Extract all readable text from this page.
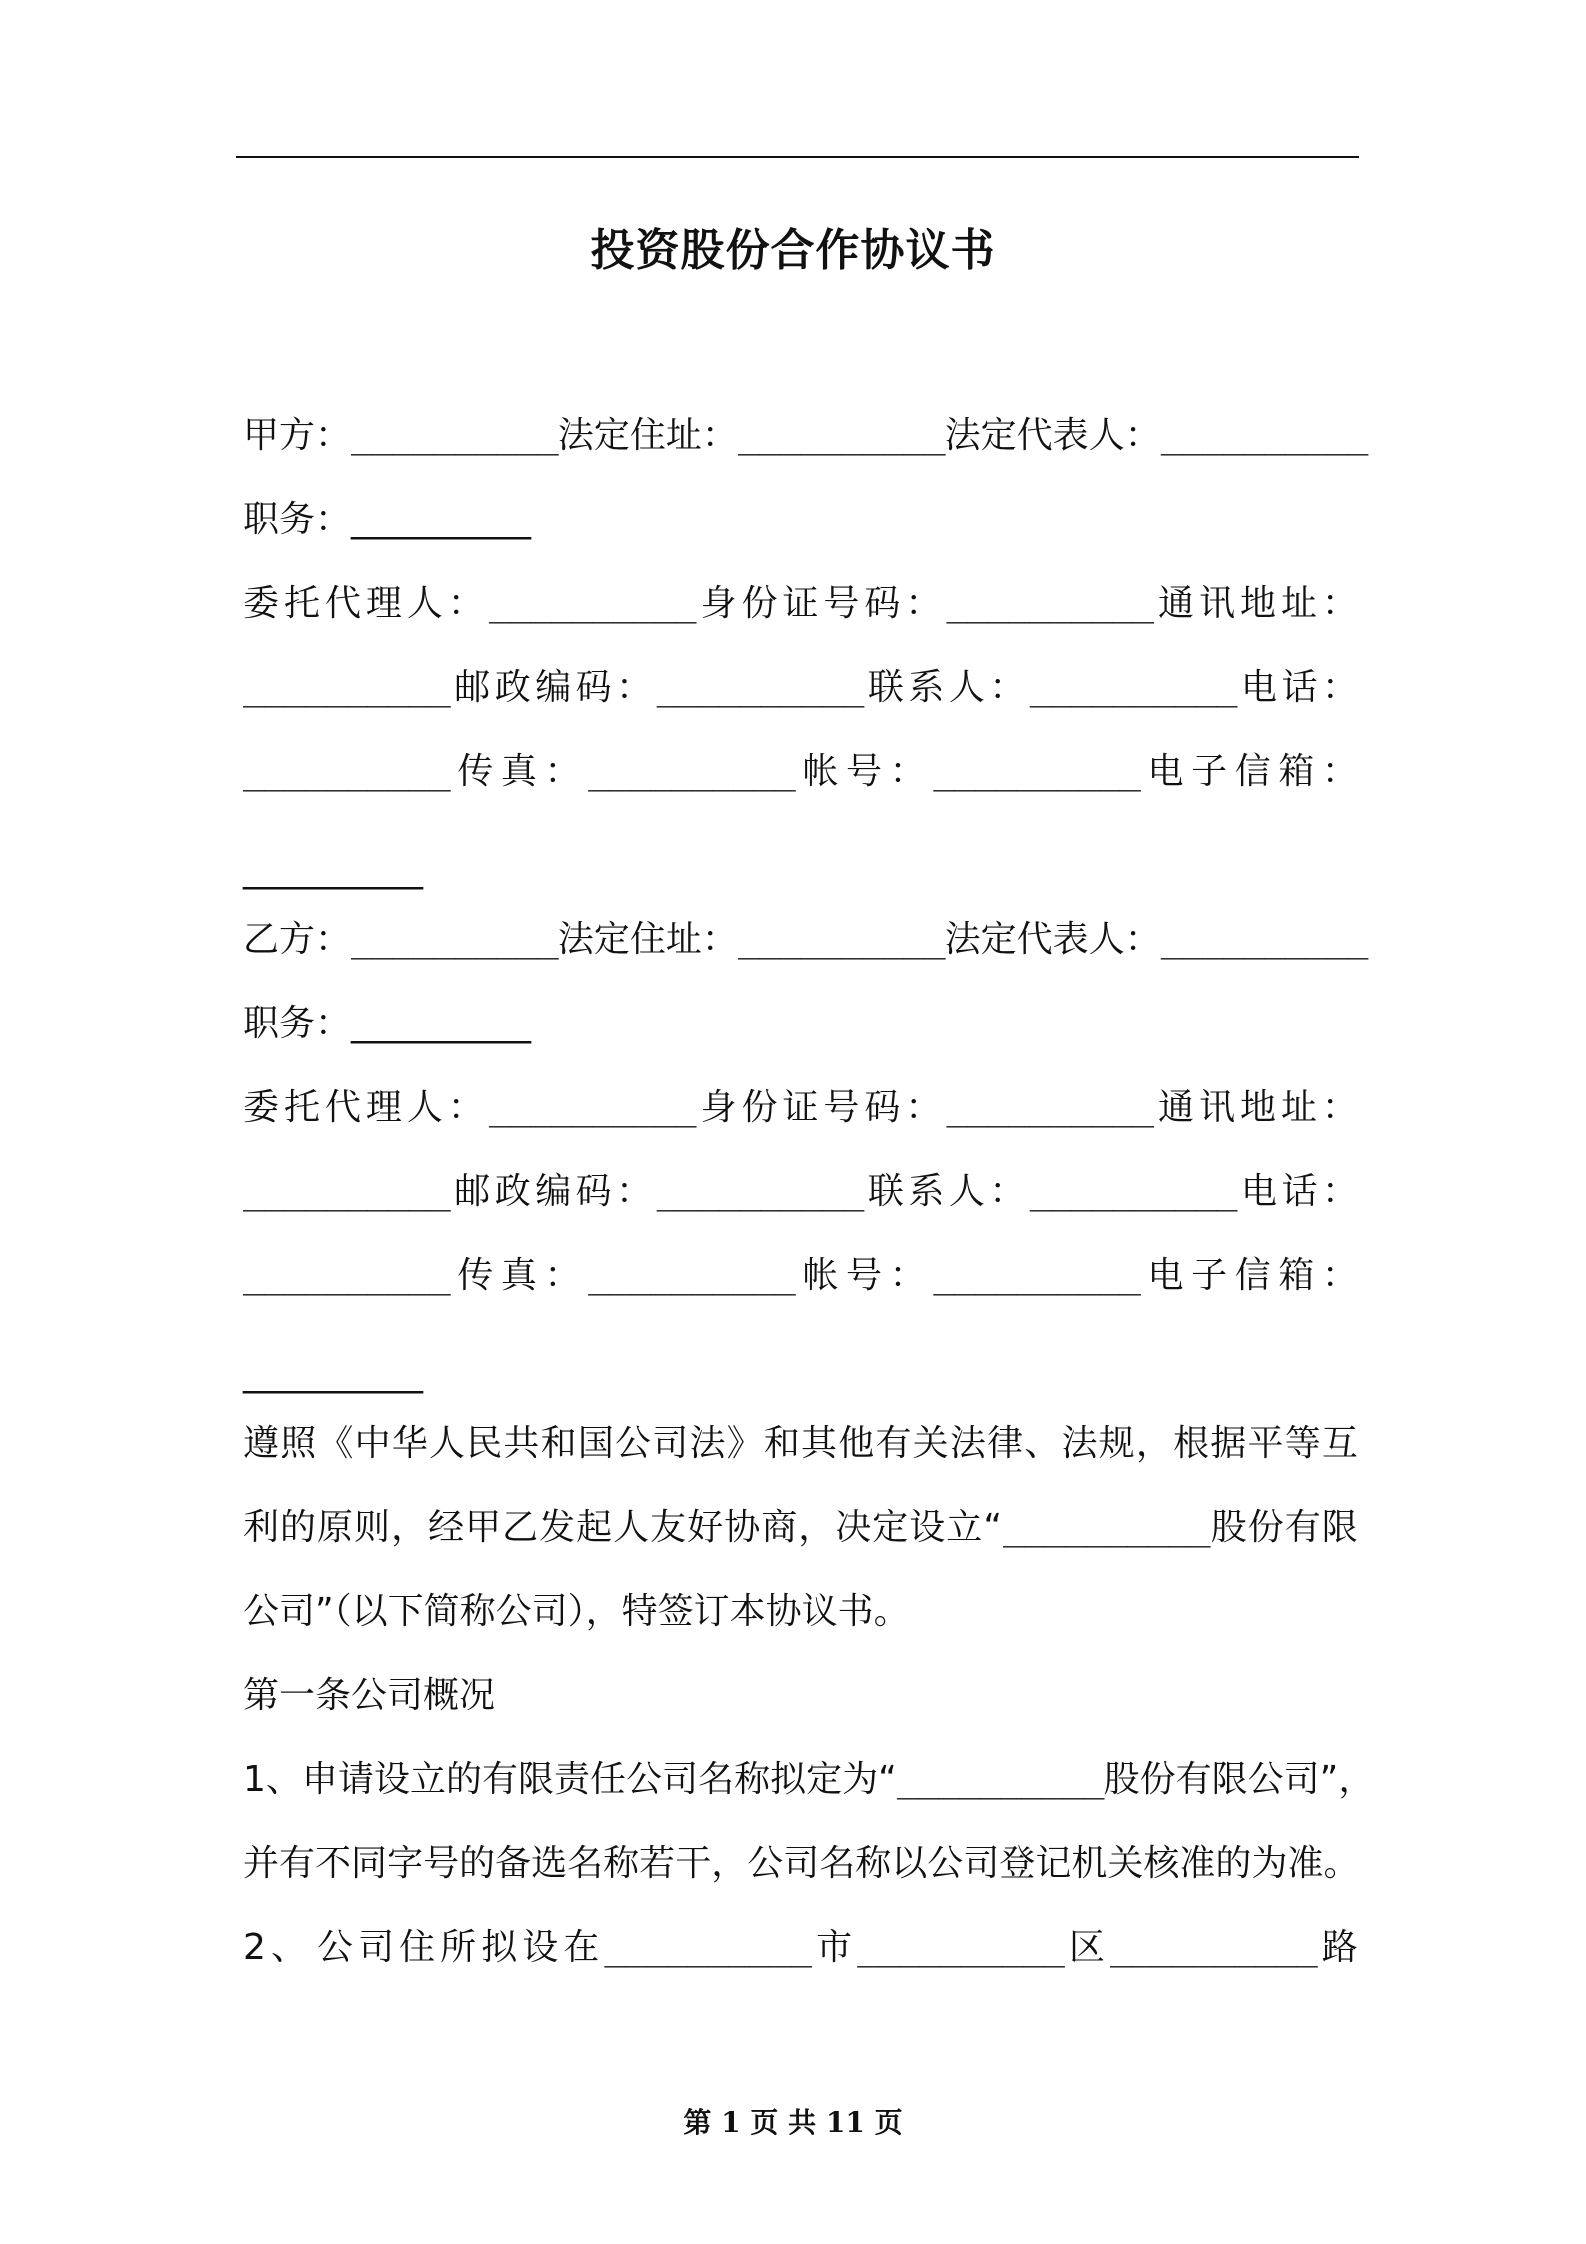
投资股份合作协议书
甲 方 ： __________ 法 定 住 址 ： __________ 法 定 代 表 人 ： __________
职务：__________
委 托 代 理 人 ： __________ 身 份 证 号 码 ： __________ 通 讯 地 址 ：
__________ 邮 政 编 码 ： __________ 联 系 人 ： __________ 电 话 ：
__________ 传 真 ： __________ 帐 号 ： __________ 电 子 信 箱 ：
__________
乙 方 ： __________ 法 定 住 址 ： __________ 法 定 代 表 人 ： __________
职务：__________
委 托 代 理 人 ： __________ 身 份 证 号 码 ： __________ 通 讯 地 址 ：
__________ 邮 政 编 码 ： __________ 联 系 人 ： __________ 电 话 ：
__________ 传 真 ： __________ 帐 号 ： __________ 电 子 信 箱 ：
__________
遵 照 《 中 华 人 民 共 和 国 公 司 法 》 和 其 他 有 关 法 律 、 法 规 ， 根 据 平 等 互
利 的 原 则 ， 经 甲 乙 发 起 人 友 好 协 商 ， 决 定 设 立 “ __________ 股 份 有 限
公司”（以下简称公司），特签订本协议书。
第一条公司概况
1 、 申 请 设 立 的 有 限 责 任 公 司 名 称 拟 定 为 “ __________ 股 份 有 限 公 司 ” ，
并 有 不 同 字 号 的 备 选 名 称 若 干 ， 公 司 名 称 以 公 司 登 记 机 关 核 准 的 为 准 。
2 、 公 司 住 所 拟 设 在 __________ 市 __________ 区 __________ 路
第 1 页 共 11 页
